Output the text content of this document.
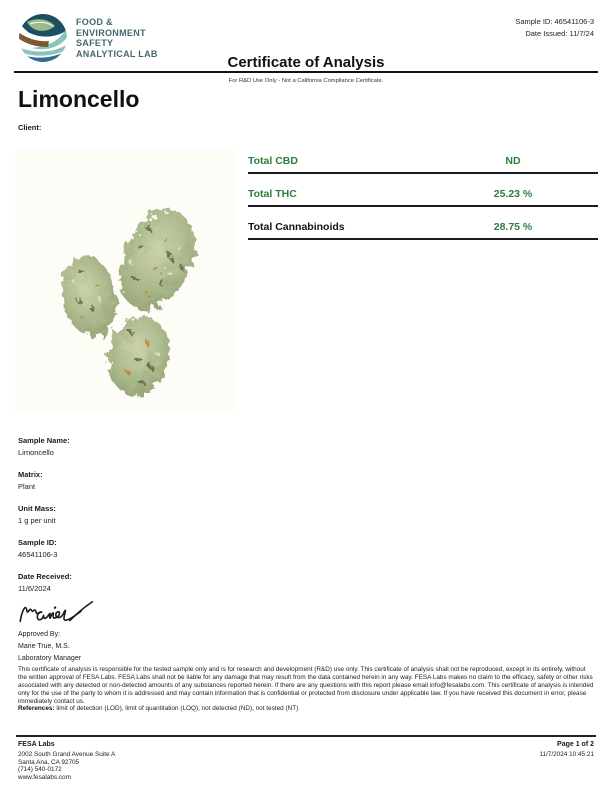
FOOD &
ENVIRONMENT
SAFETY
ANALYTICAL LAB
Sample ID: 46541106-3
Date Issued: 11/7/24
Certificate of Analysis
For R&D Use Only - Not a California Compliance Certificate.
Limoncello
Client:
Total CBD	ND
Total THC	25.23 %
Total Cannabinoids	28.75 %
Sample Name:
Limoncello
Matrix:
Plant
Unit Mass:
1 g per unit
Sample ID:
46541106-3
Date Received:
11/6/2024
Approved By:
Marie True, M.S.
Laboratory Manager

This certificate of analysis is responsible for the tested sample only and is for research and development (R&D) use only. This certificate of analysis shall not be reproduced, except in its entirety, without the written approval of FESA Labs. FESA Labs shall not be liable for any damage that may result from the data contained herein in any way. FESA Labs makes no claim to the efficacy, safety or other risks associated with any detected or non-detected amounts of any substances reported herein. If there are any questions with this report please email info@fesalabs.com. This certificate of analysis is intended only for the use of the party to whom it is addressed and may contain information that is confidential or protected from disclosure under applicable law. If you have received this document in error, please immediately contact us.

References: limit of detection (LOD), limit of quantitation (LOQ), not detected (ND), not tested (NT)

FESA Labs
2002 South Grand Avenue Suite A
Santa Ana, CA 92705
(714) 540-0172
www.fesalabs.com
Page 1 of 2
11/7/2024 10:45:21
